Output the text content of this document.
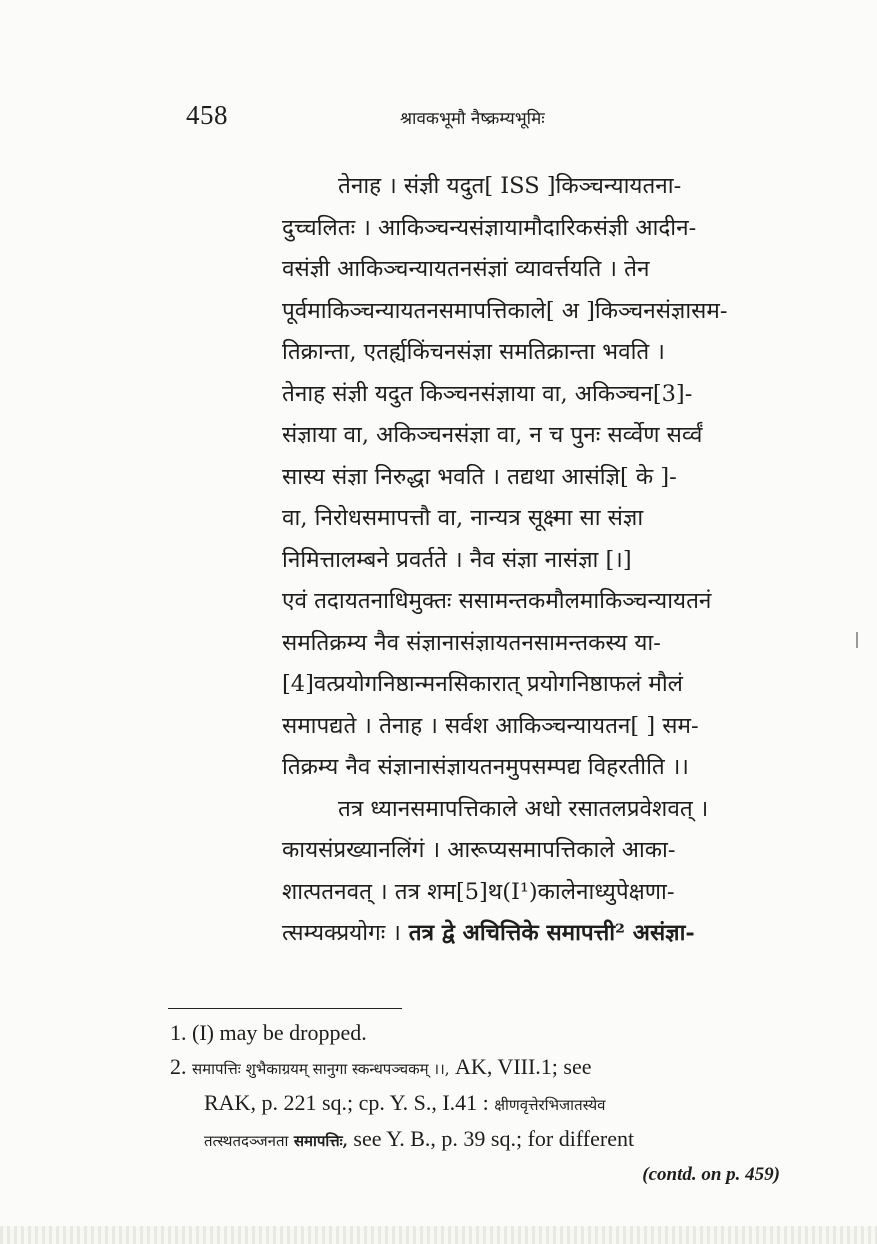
458	श्रावकभूमौ नैष्क्रम्यभूमिः
तेनाह । संज्ञी यदुत[ ISS ]किञ्चन्यायतना-
दुच्चलितः । आकिञ्चन्यसंज्ञायामौदारिकसंज्ञी आदीन-
वसंज्ञी आकिञ्चन्यायतनसंज्ञां व्यावर्त्तयति । तेन
पूर्वमाकिञ्चन्यायतनसमापत्तिकाले[ अ ]किञ्चनसंज्ञासम-
तिक्रान्ता, एतर्ह्यकिंचनसंज्ञा समतिक्रान्ता भवति ।
तेनाह संज्ञी यदुत किञ्चनसंज्ञाया वा, अकिञ्चन[3]-
संज्ञाया वा, अकिञ्चनसंज्ञा वा, न च पुनः सर्व्वेण सर्व्वं
सास्य संज्ञा निरुद्धा भवति । तद्यथा आसंज्ञि[ के ]-
वा, निरोधसमापत्तौ वा, नान्यत्र सूक्ष्मा सा संज्ञा
निमित्तालम्बने प्रवर्तते । नैव संज्ञा नासंज्ञा [।]
एवं तदायतनाधिमुक्तः ससामन्तकमौलमाकिञ्चन्यायतनं
समतिक्रम्य नैव संज्ञानासंज्ञायतनसामन्तकस्य या-
[4]वत्प्रयोगनिष्ठान्मनसिकारात् प्रयोगनिष्ठाफलं मौलं
समापद्यते । तेनाह । सर्वश आकिञ्चन्यायतन[ ] सम-
तिक्रम्य नैव संज्ञानासंज्ञायतनमुपसम्पद्य विहरतीति ।।
तत्र ध्यानसमापत्तिकाले अधो रसातलप्रवेशवत् ।
कायसंप्रख्यानलिंगं । आरूप्यसमापत्तिकाले आका-
शात्पतनवत् । तत्र शम[5]थ(I¹)कालेनाध्युपेक्षणा-
त्सम्यक्प्रयोगः । तत्र द्वे अचित्तिके समापत्ती² असंज्ञा-
1. (I) may be dropped.
2. समापत्तिः शुभैकाग्रयम् सानुगा स्कन्धपञ्चकम् ।।, AK, VIII.1; see
RAK, p. 221 sq.; cp. Y. S., I.41 : क्षीणवृत्तेरभिजातस्येव
तत्स्थतदञ्जनता समापत्तिः, see Y. B., p. 39 sq.; for different
(contd. on p. 459)
